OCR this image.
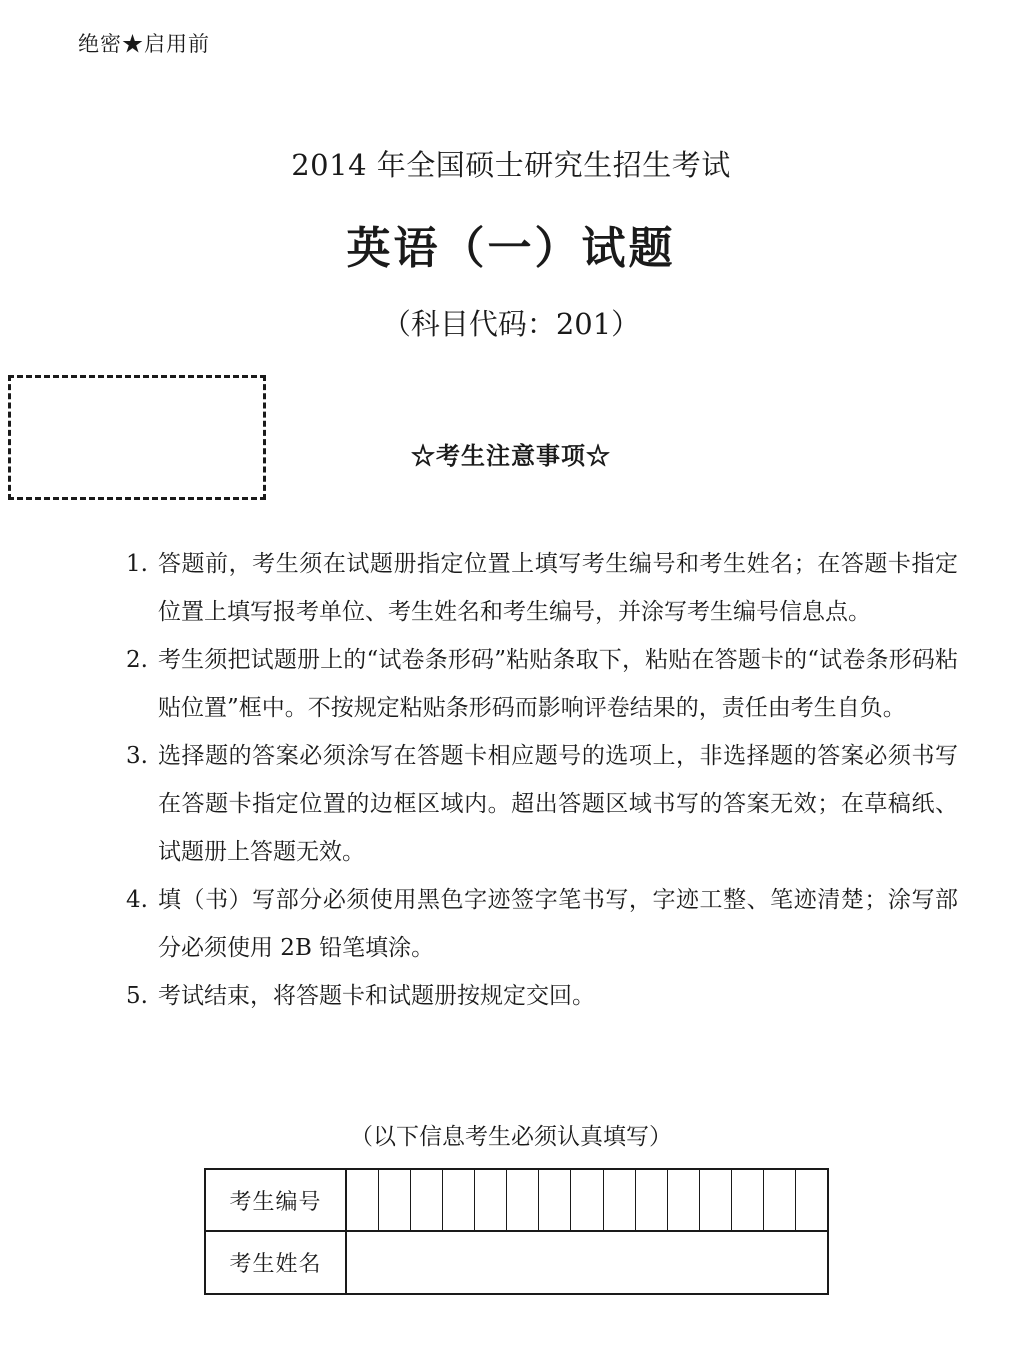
绝密★启用前
2014 年全国硕士研究生招生考试
英语（一）试题
（科目代码：201）
☆考生注意事项☆
1. 答题前，考生须在试题册指定位置上填写考生编号和考生姓名；在答题卡指定位置上填写报考单位、考生姓名和考生编号，并涂写考生编号信息点。
2. 考生须把试题册上的“试卷条形码”粘贴条取下，粘贴在答题卡的“试卷条形码粘贴位置”框中。不按规定粘贴条形码而影响评卷结果的，责任由考生自负。
3. 选择题的答案必须涂写在答题卡相应题号的选项上，非选择题的答案必须书写在答题卡指定位置的边框区域内。超出答题区域书写的答案无效；在草稿纸、试题册上答题无效。
4. 填（书）写部分必须使用黑色字迹签字笔书写，字迹工整、笔迹清楚；涂写部分必须使用 2B 铅笔填涂。
5. 考试结束，将答题卡和试题册按规定交回。
（以下信息考生必须认真填写）
考生编号
考生姓名
